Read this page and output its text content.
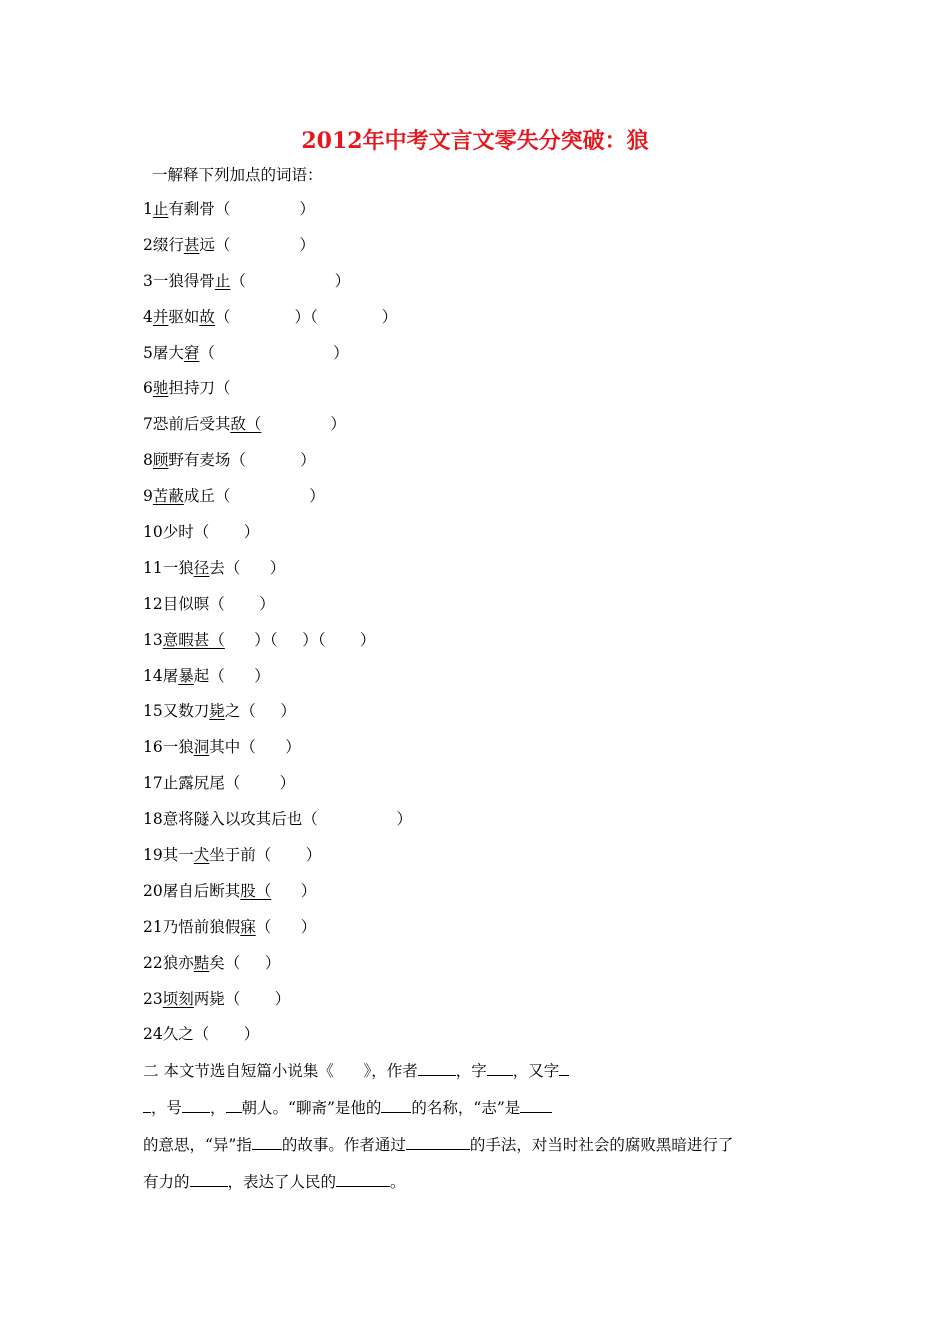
2012年中考文言文零失分突破：狼
一解释下列加点的词语：
1止有剩骨（              ）
2缀行甚远（              ）
3一狼得骨止（                  ）
4并驱如故（             ）（             ）
5屠大窘（                        ）
6驰担持刀（
7恐前后受其敌（              ）
8顾野有麦场（           ）
9苫蔽成丘（                ）
10少时（       ）
11一狼径去（      ）
12目似暝（       ）
13意暇甚（      ）（     ）（       ）
14屠暴起（      ）
15又数刀毙之（     ）
16一狼洞其中（      ）
17止露尻尾（        ）
18意将隧入以攻其后也（                ）
19其一犬坐于前（       ）
20屠自后断其股（      ）
21乃悟前狼假寐（      ）
22狼亦黠矣（     ）
23顷刻两毙（       ）
24久之（       ）
二 本文节选自短篇小说集《 》，作者 ，字 ，又字
，号 ， 朝人。“聊斋”是他的 的名称，“志”是
的意思，“异”指 的故事。作者通过	的手法，对当时社会的腐败黑暗进行了
有力的 ，表达了人民的	。
